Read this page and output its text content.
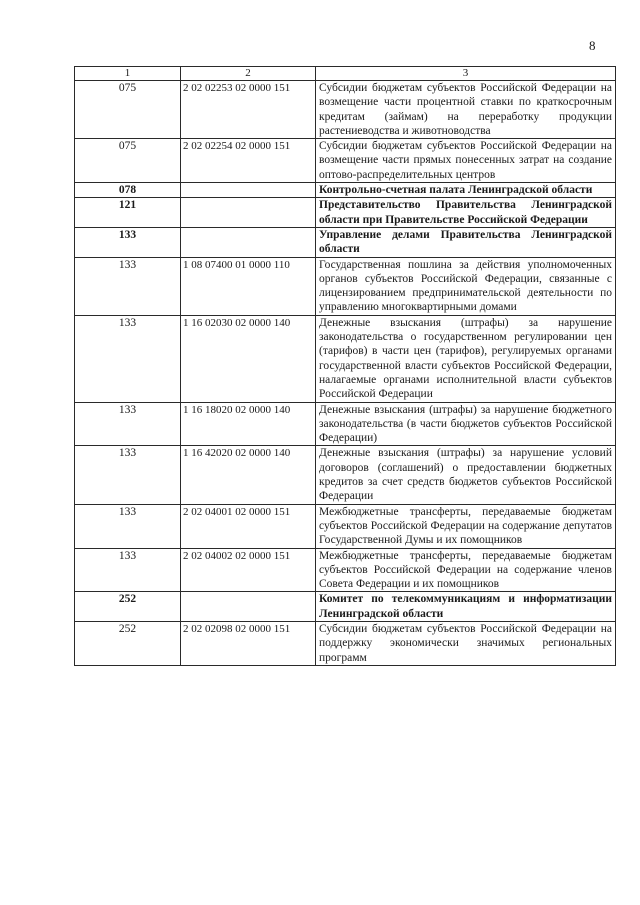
8
1	2	3
075	2 02 02253 02 0000 151	Субсидии бюджетам субъектов Российской Федерации на возмещение части процентной ставки по краткосрочным кредитам (займам) на переработку продукции растениеводства и животноводства
075	2 02 02254 02 0000 151	Субсидии бюджетам субъектов Российской Федерации на возмещение части прямых понесенных затрат на создание оптово-распределительных центров
078		Контрольно-счетная палата Ленинградской области
121		Представительство Правительства Ленинградской области при Правительстве Российской Федерации
133		Управление делами Правительства Ленинградской области
133	1 08 07400 01 0000 110	Государственная пошлина за действия уполномоченных органов субъектов Российской Федерации, связанные с лицензированием предпринимательской деятельности по управлению многоквартирными домами
133	1 16 02030 02 0000 140	Денежные взыскания (штрафы) за нарушение законодательства о государственном регулировании цен (тарифов) в части цен (тарифов), регулируемых органами государственной власти субъектов Российской Федерации, налагаемые органами исполнительной власти субъектов Российской Федерации
133	1 16 18020 02 0000 140	Денежные взыскания (штрафы) за нарушение бюджетного законодательства (в части бюджетов субъектов Российской Федерации)
133	1 16 42020 02 0000 140	Денежные взыскания (штрафы) за нарушение условий договоров (соглашений) о предоставлении бюджетных кредитов за счет средств бюджетов субъектов Российской Федерации
133	2 02 04001 02 0000 151	Межбюджетные трансферты, передаваемые бюджетам субъектов Российской Федерации на содержание депутатов Государственной Думы и их помощников
133	2 02 04002 02 0000 151	Межбюджетные трансферты, передаваемые бюджетам субъектов Российской Федерации на содержание членов Совета Федерации и их помощников
252		Комитет по телекоммуникациям и информатизации Ленинградской области
252	2 02 02098 02 0000 151	Субсидии бюджетам субъектов Российской Федерации на поддержку экономически значимых региональных программ
